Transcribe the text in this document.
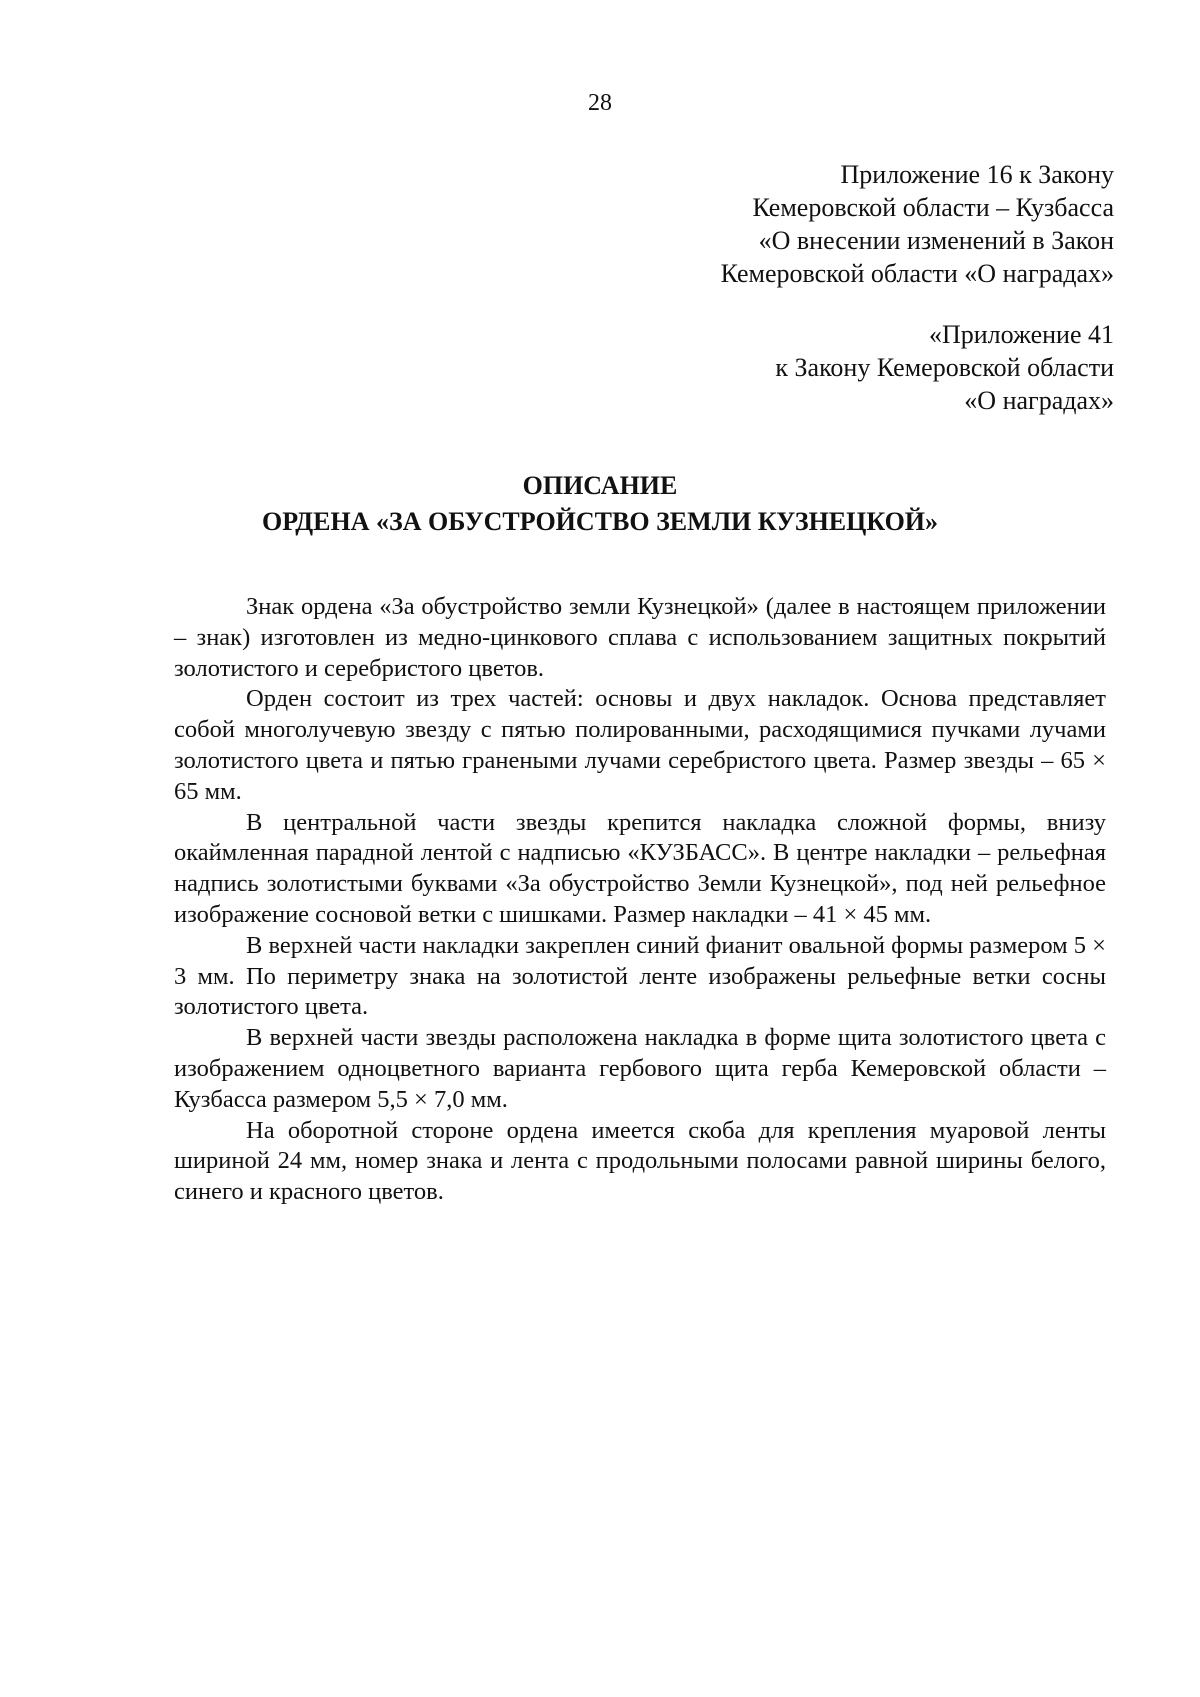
28
Приложение 16 к Закону
Кемеровской области – Кузбасса
«О внесении изменений в Закон
Кемеровской области «О наградах»
«Приложение 41
к Закону Кемеровской области
«О наградах»
ОПИСАНИЕ
ОРДЕНА «ЗА ОБУСТРОЙСТВО ЗЕМЛИ КУЗНЕЦКОЙ»

Знак ордена «За обустройство земли Кузнецкой» (далее в настоящем приложении – знак) изготовлен из медно-цинкового сплава с использованием защитных покрытий золотистого и серебристого цветов.

Орден состоит из трех частей: основы и двух накладок. Основа представляет собой многолучевую звезду с пятью полированными, расходящимися пучками лучами золотистого цвета и пятью гранеными лучами серебристого цвета. Размер звезды – 65 × 65 мм.

В центральной части звезды крепится накладка сложной формы, внизу окаймленная парадной лентой с надписью «КУЗБАСС». В центре накладки – рельефная надпись золотистыми буквами «За обустройство Земли Кузнецкой», под ней рельефное изображение сосновой ветки с шишками. Размер накладки – 41 × 45 мм.

В верхней части накладки закреплен синий фианит овальной формы размером 5 × 3 мм. По периметру знака на золотистой ленте изображены рельефные ветки сосны золотистого цвета.

В верхней части звезды расположена накладка в форме щита золотистого цвета с изображением одноцветного варианта гербового щита герба Кемеровской области – Кузбасса размером 5,5 × 7,0 мм.

На оборотной стороне ордена имеется скоба для крепления муаровой ленты шириной 24 мм, номер знака и лента с продольными полосами равной ширины белого, синего и красного цветов.
